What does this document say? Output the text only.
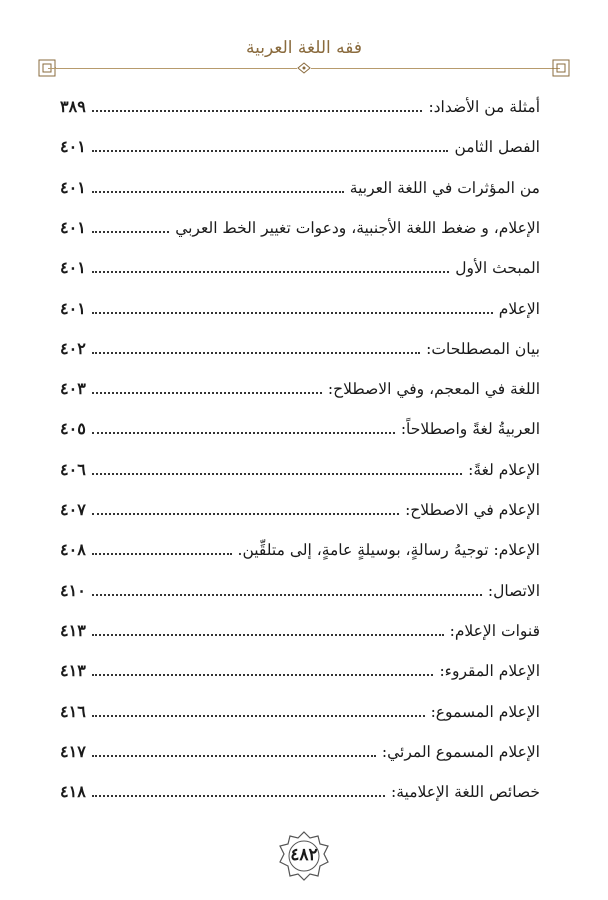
فقه اللغة العربية
أمثلة من الأضداد:
٣٨٩
الفصل الثامن
٤٠١
من المؤثرات في اللغة العربية
٤٠١
الإعلام، و ضغط اللغة الأجنبية، ودعوات تغيير الخط العربي
٤٠١
المبحث الأول
٤٠١
الإعلام
٤٠١
بيان المصطلحات:
٤٠٢
اللغة في المعجم، وفي الاصطلاح:
٤٠٣
العربيةُ لغةً واصطلاحاً:
٤٠٥
الإعلام لغةً:
٤٠٦
الإعلام في الاصطلاح:
٤٠٧
الإعلام: توجيهُ رسالةٍ، بوسيلةٍ عامةٍ، إلى متلقِّين.
٤٠٨
الاتصال:
٤١٠
قنوات الإعلام:
٤١٣
الإعلام المقروء:
٤١٣
الإعلام المسموع:
٤١٦
الإعلام المسموع المرئي:
٤١٧
خصائص اللغة الإعلامية:
٤١٨
٤٨٢
